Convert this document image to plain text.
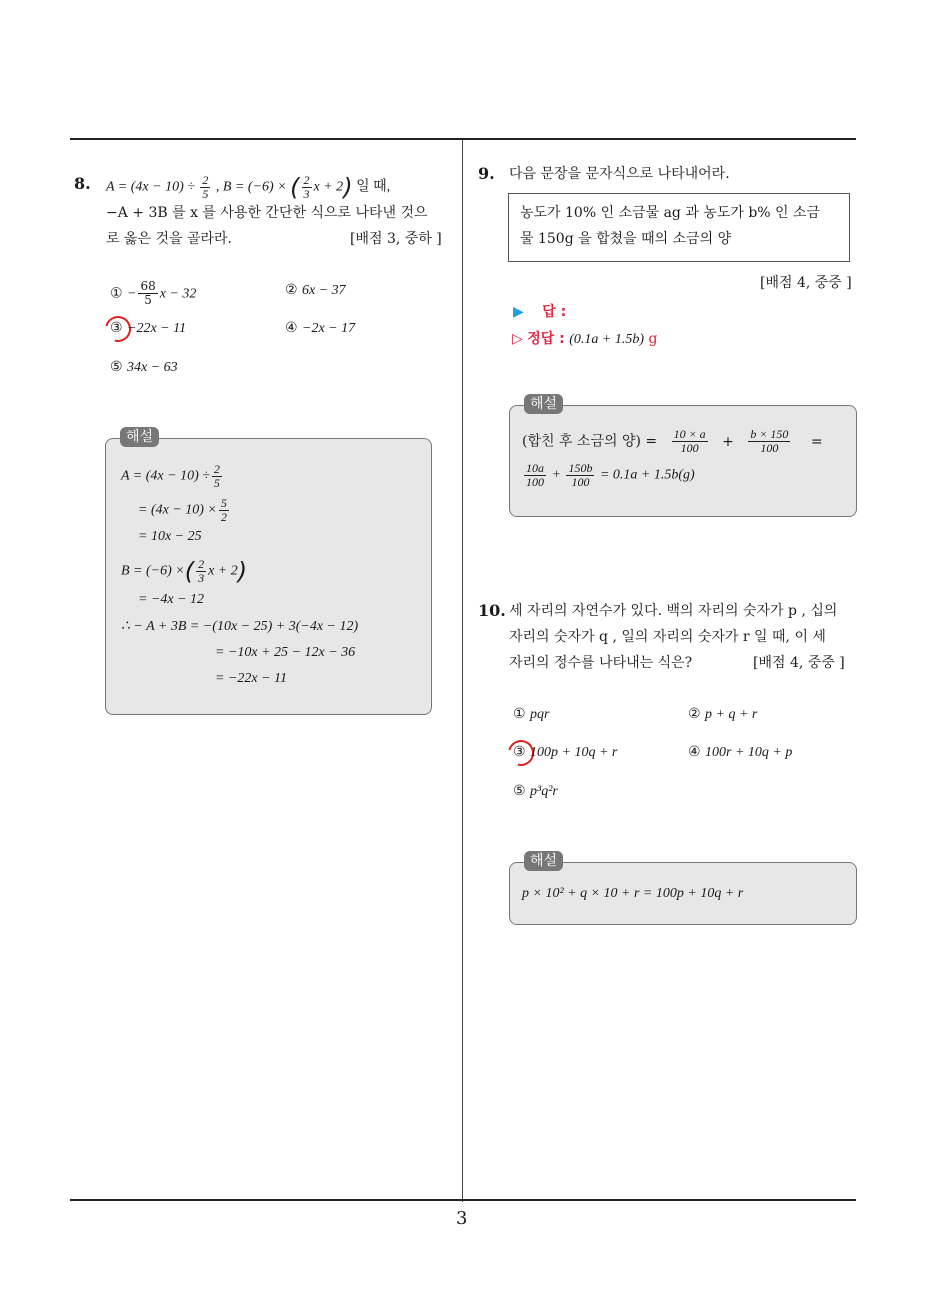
3
8. $A = (4x - 10) \div \frac{2}{5}$ , B = (−6) × ( $\frac{2}{3}$ x + 2) 일 때,
−A + 3B 를 x 를 사용한 간단한 식으로 나타낸 것으
로 옳은 것을 골라라.	[배점 3, 중하 ]
① − $\frac{68}{5}$ x − 32	② 6x − 37
③ −22x − 11	④ −2x − 17
⑤ 34x − 63
해설
$A = (4x - 10) \div \frac{2}{5}$
= $(4x - 10) \times \frac{5}{2}$
= 10x − 25
B = (−6) ×( $\frac{2}{3}$ x + 2)
= −4x − 12
∴ − A + 3B = −(10x − 25) + 3(−4x − 12)
= −10x + 25 − 12x − 36
= −22x − 11
9. 다음 문장을 문자식으로 나타내어라.
농도가 10% 인 소금물 ag 과 농도가 b% 인 소금
물 150g 을 합쳤을 때의 소금의 양
[배점 4, 중중 ]
▶ 답 :
▷ 정답 : (0.1a + 1.5b) g
해설
(합친 후 소금의 양) = $\frac{10 \times a}{100} + \frac{b \times 150}{100}$ =
$\frac{10a}{100} + \frac{150b}{100} = 0.1a + 1.5b(g)$
10. 세 자리의 자연수가 있다. 백의 자리의 숫자가 p , 십의
자리의 숫자가 q , 일의 자리의 숫자가 r 일 때, 이 세
자리의 정수를 나타내는 식은?	[배점 4, 중중 ]
① pqr	② p + q + r
③ 100p + 10q + r	④ 100r + 10q + p
⑤ p³q²r
해설
p × 10² + q × 10 + r = 100p + 10q + r
